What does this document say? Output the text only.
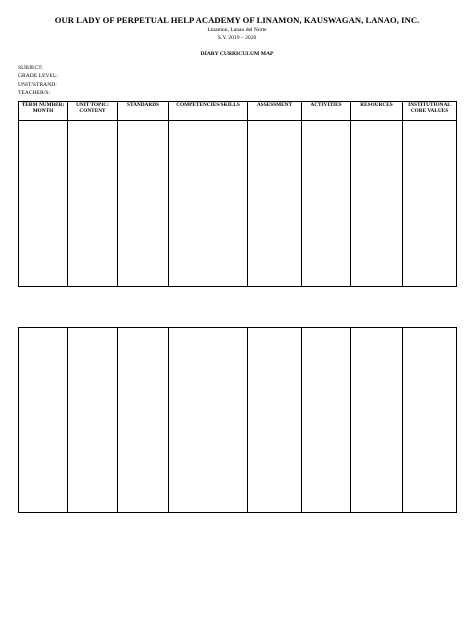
OUR LADY OF PERPETUAL HELP ACADEMY OF LINAMON, KAUSWAGAN, LANAO, INC.
Linamon, Lanao del Norte
S.Y. 2019 – 2020
DIARY CURRICULUM MAP
SUBJECT:
GRADE LEVEL:
UNIT/STRAND:
TEACHER/S:
TERM NUMBER: MONTH	UNIT TOPIC: CONTENT	STANDARDS	COMPETENCIES/SKILLS	ASSESSMENT	ACTIVITIES	RESOURCES	INSTITUTIONAL CORE VALUES
